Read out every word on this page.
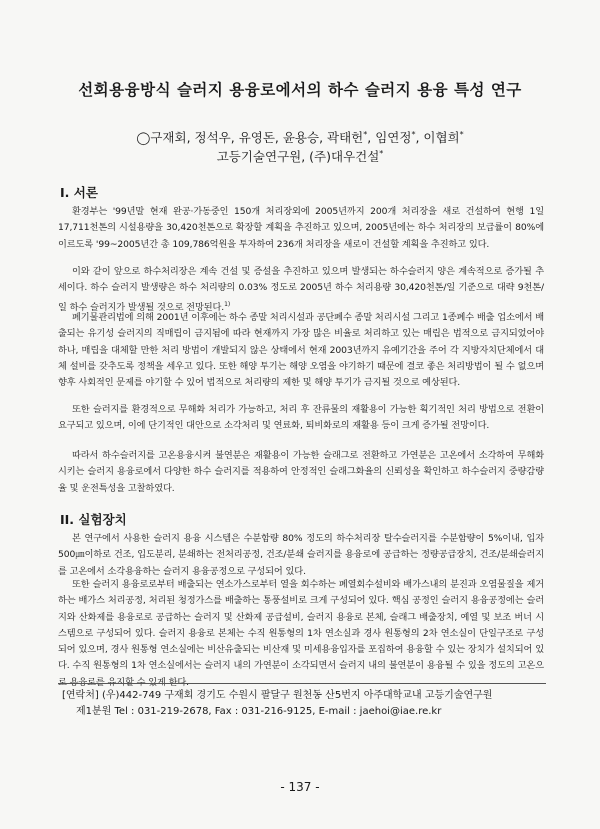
선회용융방식 슬러지 용융로에서의 하수 슬러지 용융 특성 연구
◯구재회, 정석우, 유영돈, 윤용승, 곽태헌*, 임연정*, 이협희*
고등기술연구원, (주)대우건설*
I. 서론

환경부는 '99년말 현재 완공·가동중인 150개 처리장외에 2005년까지 200개 처리장을 새로 건설하여 현행 1일 17,711천톤의 시설용량을 30,420천톤으로 확장할 계획을 추진하고 있으며, 2005년에는 하수 처리장의 보급률이 80%에 이르도록 '99~2005년간 총 109,786억원을 투자하여 236개 처리장을 새로이 건설할 계획을 추진하고 있다.

이와 같이 앞으로 하수처리장은 계속 건설 및 증설을 추진하고 있으며 발생되는 하수슬러지 양은 계속적으로 증가될 추세이다. 하수 슬러지 발생량은 하수 처리량의 0.03% 정도로 2005년 하수 처리용량 30,420천톤/일 기준으로 대략 9천톤/일 하수 슬러지가 발생될 것으로 전망된다.$^{1)}$

폐기물관리법에 의해 2001년 이후에는 하수 종말 처리시설과 공단폐수 종말 처리시설 그리고 1종폐수 배출 업소에서 배출되는 유기성 슬러지의 직매립이 금지됨에 따라 현재까지 가장 많은 비율로 처리하고 있는 매립은 법적으로 금지되었어야 하나, 매립을 대체할 만한 처리 방법이 개발되지 않은 상태에서 현재 2003년까지 유예기간을 주어 각 지방자치단체에서 대체 설비를 갖추도록 정책을 세우고 있다. 또한 해양 투기는 해양 오염을 야기하기 때문에 결코 좋은 처리방법이 될 수 없으며 향후 사회적인 문제를 야기할 수 있어 법적으로 처리량의 제한 및 해양 투기가 금지될 것으로 예상된다.

또한 슬러지를 환경적으로 무해화 처리가 가능하고, 처리 후 잔류물의 재활용이 가능한 획기적인 처리 방법으로 전환이 요구되고 있으며, 이에 단기적인 대안으로 소각처리 및 연료화, 퇴비화로의 재활용 등이 크게 증가될 전망이다.

따라서 하수슬러지를 고온용융시켜 불연분은 재활용이 가능한 슬래그로 전환하고 가연분은 고온에서 소각하여 무해화 시키는 슬러지 용융로에서 다양한 하수 슬러지를 적용하여 안정적인 슬래그화율의 신뢰성을 확인하고 하수슬러지 중량감량율 및 운전특성을 고찰하였다.

II. 실험장치

본 연구에서 사용한 슬러지 용융 시스템은 수분함량 80% 정도의 하수처리장 탈수슬러지를 수분함량이 5%이내, 입자 500㎛이하로 건조, 입도분리, 분쇄하는 전처리공정, 건조/분쇄 슬러지를 용융로에 공급하는 정량공급장치, 건조/분쇄슬러지를 고온에서 소각용융하는 슬러지 용융공정으로 구성되어 있다.

또한 슬러지 용융로로부터 배출되는 연소가스로부터 열을 회수하는 폐열회수설비와 배가스내의 분진과 오염물질을 제거하는 배가스 처리공정, 처리된 청정가스를 배출하는 통풍설비로 크게 구성되어 있다. 핵심 공정인 슬러지 용융공정에는 슬러지와 산화제를 용융로로 공급하는 슬러지 및 산화제 공급설비, 슬러지 용융로 본체, 슬래그 배출장치, 예열 및 보조 버너 시스템으로 구성되어 있다. 슬러지 용융로 본체는 수직 원통형의 1차 연소실과 경사 원통형의 2차 연소실이 단일구조로 구성되어 있으며, 경사 원통형 연소실에는 비산유출되는 비산재 및 미세용융입자를 포집하여 용융할 수 있는 장치가 설치되어 있다. 수직 원통형의 1차 연소실에서는 슬러지 내의 가연분이 소각되면서 슬러지 내의 불연분이 용융될 수 있을 정도의 고온으로 용융로를 유지할 수 있게 한다.

[연락처] (우)442-749 구재회 경기도 수원시 팔달구 원천동 산5번지 아주대학교내 고등기술연구원
제1분원 Tel : 031-219-2678, Fax : 031-216-9125, E-mail : jaehoi@iae.re.kr
- 137 -
